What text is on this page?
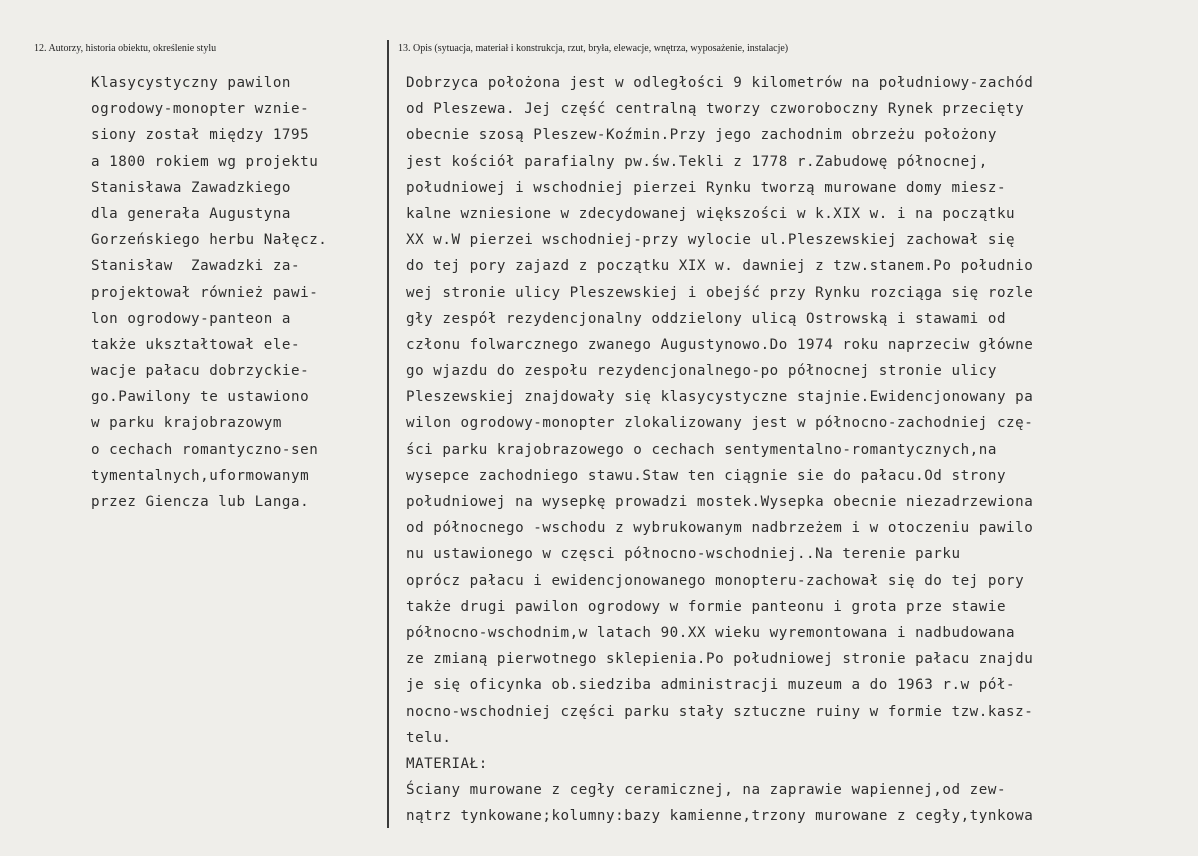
12. Autorzy, historia obiektu, określenie stylu	13. Opis (sytuacja, materiał i konstrukcja, rzut, bryła, elewacje, wnętrza, wyposażenie, instalacje)
Klasycystyczny pawilon
ogrodowy-monopter wznie-
siony został między 1795
a 1800 rokiem wg projektu
Stanisława Zawadzkiego
dla generała Augustyna
Gorzeńskiego herbu Nałęcz.
Stanisław  Zawadzki za-
projektował również pawi-
lon ogrodowy-panteon a
także ukształtował ele-
wacje pałacu dobrzyckie-
go.Pawilony te ustawiono
w parku krajobrazowym
o cechach romantyczno-sen
tymentalnych,uformowanym
przez Giencza lub Langa.
Dobrzyca położona jest w odległości 9 kilometrów na południowy-zachód
od Pleszewa. Jej część centralną tworzy czworoboczny Rynek przecięty
obecnie szosą Pleszew-Koźmin.Przy jego zachodnim obrzeżu położony
jest kościół parafialny pw.św.Tekli z 1778 r.Zabudowę północnej,
południowej i wschodniej pierzei Rynku tworzą murowane domy miesz-
kalne wzniesione w zdecydowanej większości w k.XIX w. i na początku
XX w.W pierzei wschodniej-przy wylocie ul.Pleszewskiej zachował się
do tej pory zajazd z początku XIX w. dawniej z tzw.stanem.Po południo
wej stronie ulicy Pleszewskiej i obejść przy Rynku rozciąga się rozle
gły zespół rezydencjonalny oddzielony ulicą Ostrowską i stawami od
członu folwarcznego zwanego Augustynowo.Do 1974 roku naprzeciw główne
go wjazdu do zespołu rezydencjonalnego-po północnej stronie ulicy
Pleszewskiej znajdowały się klasycystyczne stajnie.Ewidencjonowany pa
wilon ogrodowy-monopter zlokalizowany jest w północno-zachodniej czę-
ści parku krajobrazowego o cechach sentymentalno-romantycznych,na
wysepce zachodniego stawu.Staw ten ciągnie sie do pałacu.Od strony
południowej na wysepkę prowadzi mostek.Wysepka obecnie niezadrzewiona
od północnego -wschodu z wybrukowanym nadbrzeżem i w otoczeniu pawilo
nu ustawionego w częsci północno-wschodniej..Na terenie parku
oprócz pałacu i ewidencjonowanego monopteru-zachował się do tej pory
także drugi pawilon ogrodowy w formie panteonu i grota prze stawie
północno-wschodnim,w latach 90.XX wieku wyremontowana i nadbudowana
ze zmianą pierwotnego sklepienia.Po południowej stronie pałacu znajdu
je się oficynka ob.siedziba administracji muzeum a do 1963 r.w pół-
nocno-wschodniej części parku stały sztuczne ruiny w formie tzw.kasz-
telu.
MATERIAŁ:
Ściany murowane z cegły ceramicznej, na zaprawie wapiennej,od zew-
nątrz tynkowane;kolumny:bazy kamienne,trzony murowane z cegły,tynkowa
